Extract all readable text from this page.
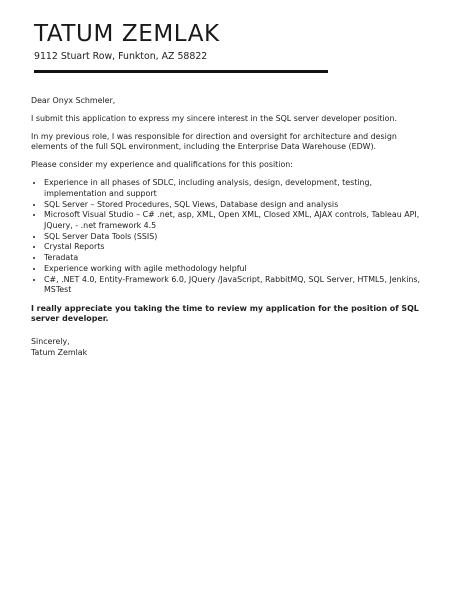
TATUM ZEMLAK
9112 Stuart Row, Funkton, AZ 58822

Dear Onyx Schmeler,

I submit this application to express my sincere interest in the SQL server developer position.

In my previous role, I was responsible for direction and oversight for architecture and design elements of the full SQL environment, including the Enterprise Data Warehouse (EDW).

Please consider my experience and qualifications for this position:

• Experience in all phases of SDLC, including analysis, design, development, testing, implementation and support
• SQL Server – Stored Procedures, SQL Views, Database design and analysis
• Microsoft Visual Studio – C# .net, asp, XML, Open XML, Closed XML, AJAX controls, Tableau API, JQuery, - .net framework 4.5
• SQL Server Data Tools (SSIS)
• Crystal Reports
• Teradata
• Experience working with agile methodology helpful
• C#, .NET 4.0, Entity-Framework 6.0, JQuery /JavaScript, RabbitMQ, SQL Server, HTML5, Jenkins, MSTest

I really appreciate you taking the time to review my application for the position of SQL server developer.

Sincerely,
Tatum Zemlak
